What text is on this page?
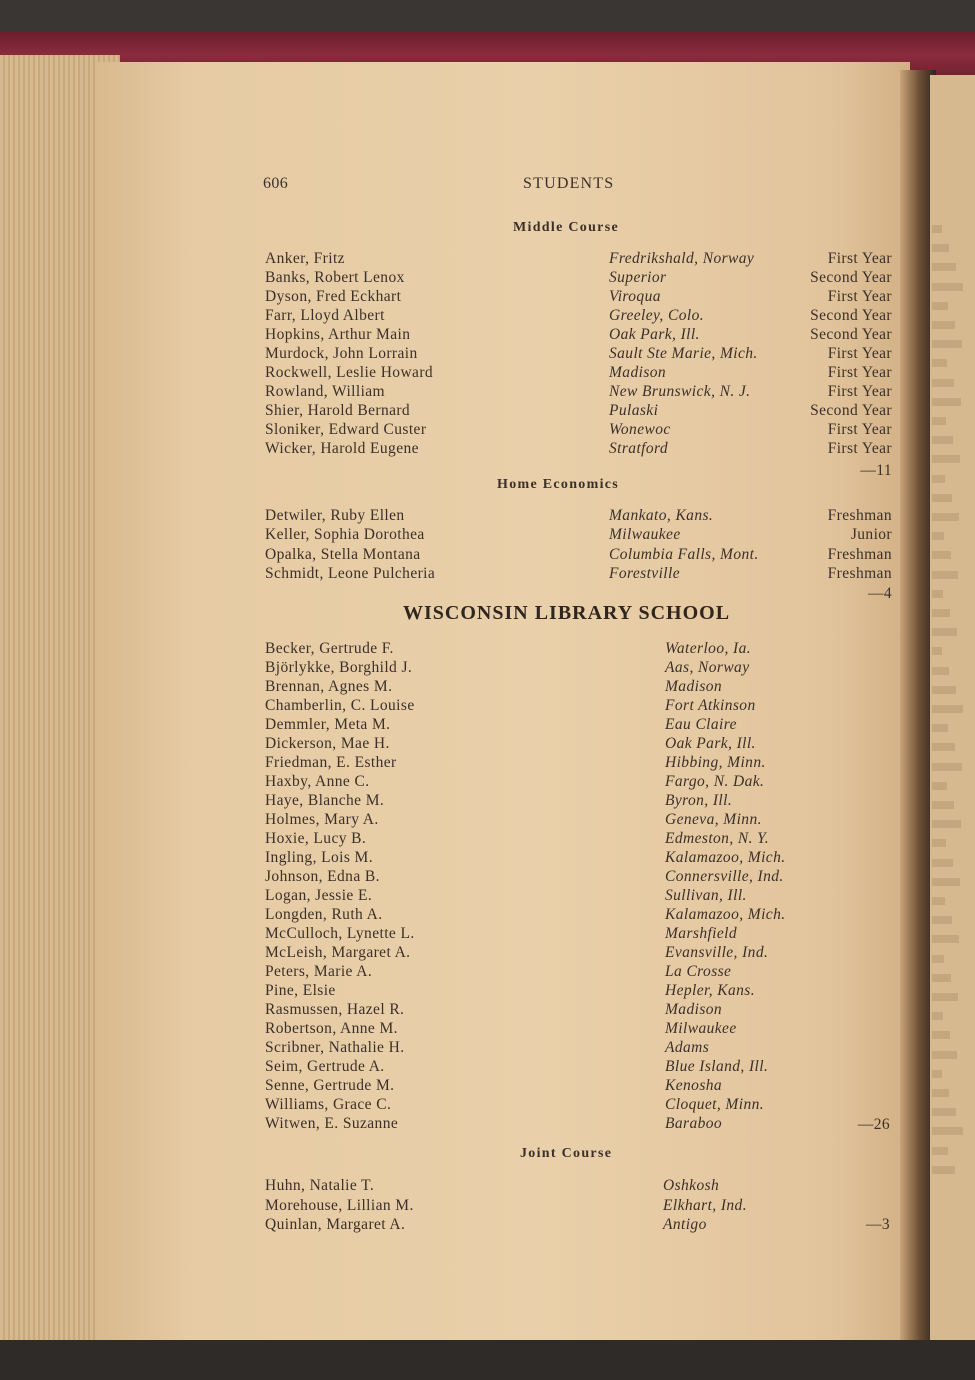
606	STUDENTS
Middle Course
Anker, Fritz	Fredrikshald, Norway	First Year
Banks, Robert Lenox	Superior	Second Year
Dyson, Fred Eckhart	Viroqua	First Year
Farr, Lloyd Albert	Greeley, Colo.	Second Year
Hopkins, Arthur Main	Oak Park, Ill.	Second Year
Murdock, John Lorrain	Sault Ste Marie, Mich.	First Year
Rockwell, Leslie Howard	Madison	First Year
Rowland, William	New Brunswick, N. J.	First Year
Shier, Harold Bernard	Pulaski	Second Year
Sloniker, Edward Custer	Wonewoc	First Year
Wicker, Harold Eugene	Stratford	First Year
—11
Home Economics
Detwiler, Ruby Ellen	Mankato, Kans.	Freshman
Keller, Sophia Dorothea	Milwaukee	Junior
Opalka, Stella Montana	Columbia Falls, Mont.	Freshman
Schmidt, Leone Pulcheria	Forestville	Freshman
—4
WISCONSIN LIBRARY SCHOOL
Becker, Gertrude F.	Waterloo, Ia.
Björlykke, Borghild J.	Aas, Norway
Brennan, Agnes M.	Madison
Chamberlin, C. Louise	Fort Atkinson
Demmler, Meta M.	Eau Claire
Dickerson, Mae H.	Oak Park, Ill.
Friedman, E. Esther	Hibbing, Minn.
Haxby, Anne C.	Fargo, N. Dak.
Haye, Blanche M.	Byron, Ill.
Holmes, Mary A.	Geneva, Minn.
Hoxie, Lucy B.	Edmeston, N. Y.
Ingling, Lois M.	Kalamazoo, Mich.
Johnson, Edna B.	Connersville, Ind.
Logan, Jessie E.	Sullivan, Ill.
Longden, Ruth A.	Kalamazoo, Mich.
McCulloch, Lynette L.	Marshfield
McLeish, Margaret A.	Evansville, Ind.
Peters, Marie A.	La Crosse
Pine, Elsie	Hepler, Kans.
Rasmussen, Hazel R.	Madison
Robertson, Anne M.	Milwaukee
Scribner, Nathalie H.	Adams
Seim, Gertrude A.	Blue Island, Ill.
Senne, Gertrude M.	Kenosha
Williams, Grace C.	Cloquet, Minn.
Witwen, E. Suzanne	Baraboo	—26
Joint Course
Huhn, Natalie T.	Oshkosh
Morehouse, Lillian M.	Elkhart, Ind.
Quinlan, Margaret A.	Antigo	—3
